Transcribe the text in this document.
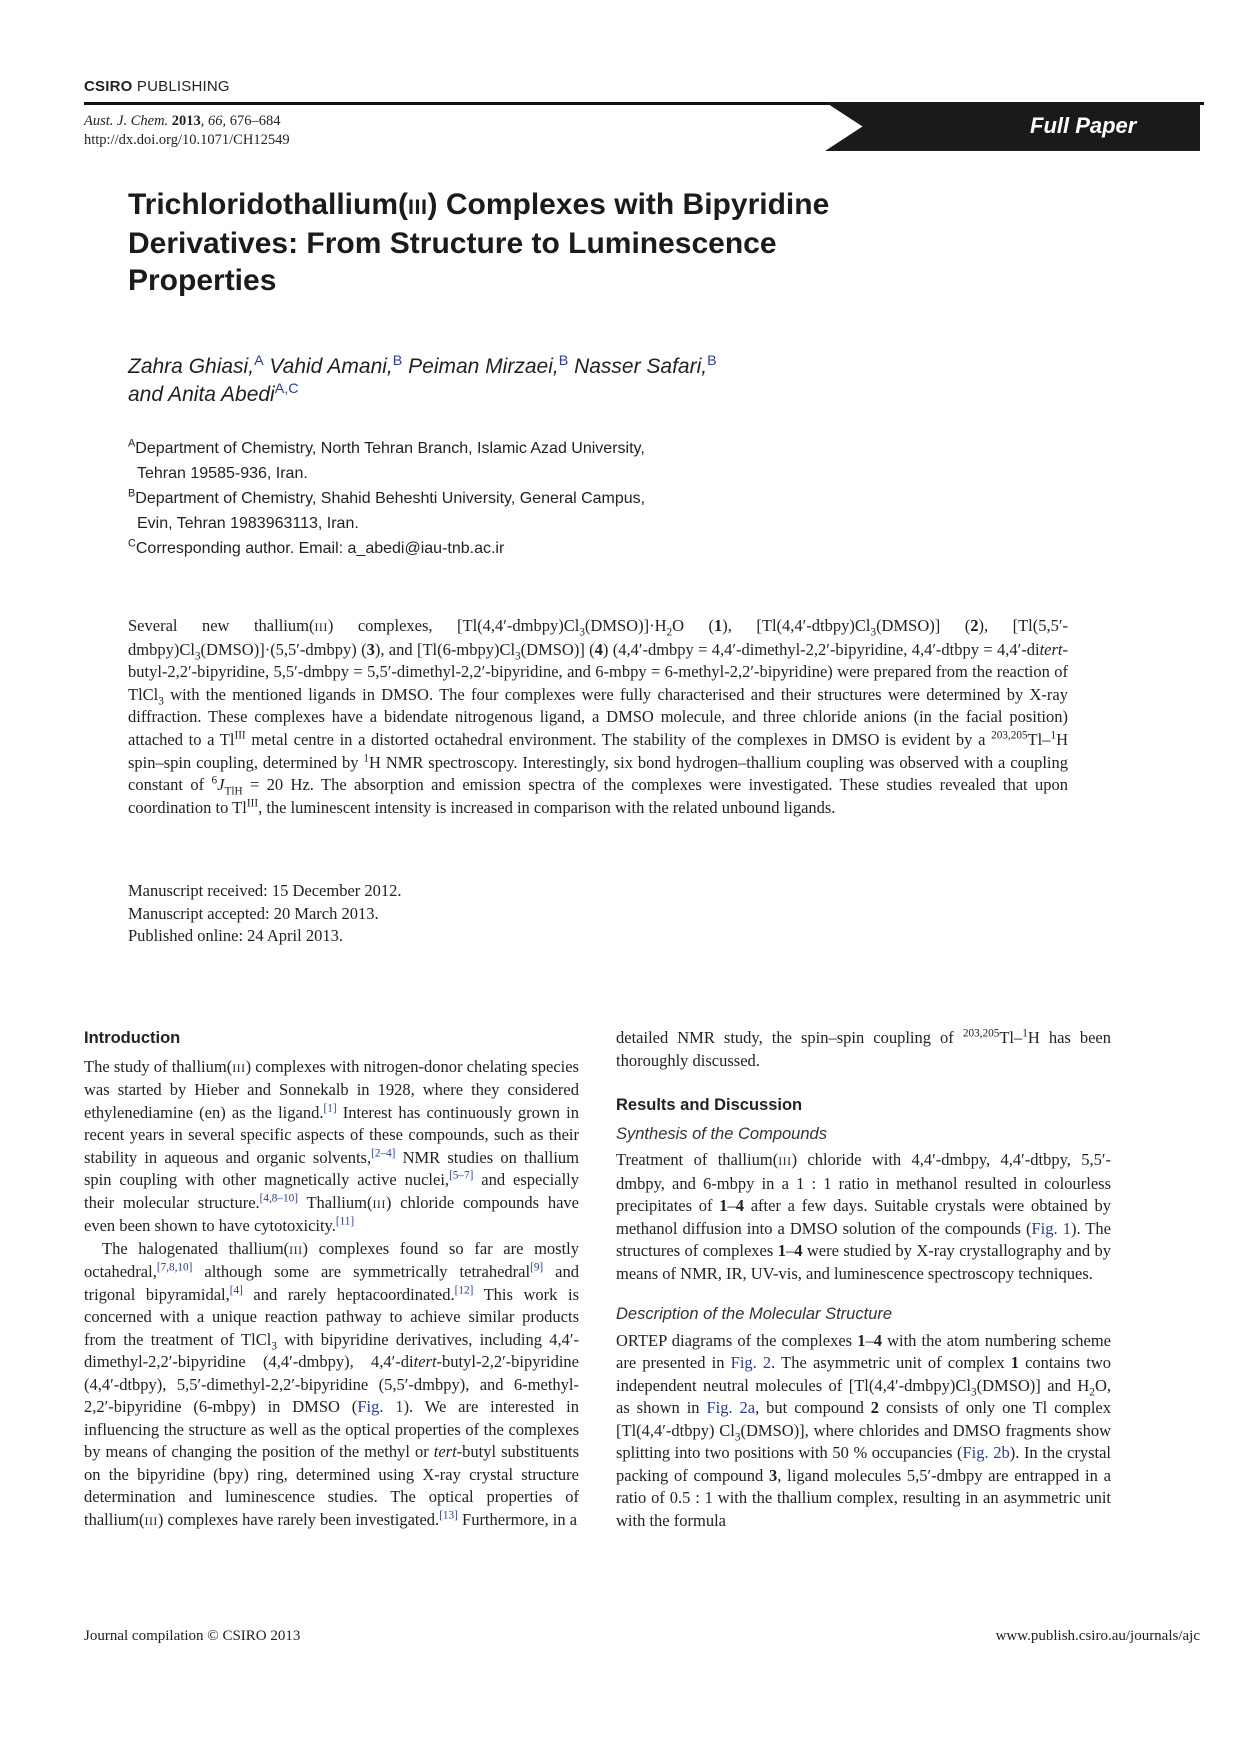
CSIRO PUBLISHING
Aust. J. Chem. 2013, 66, 676–684
http://dx.doi.org/10.1071/CH12549
Full Paper
Trichloridothallium(III) Complexes with Bipyridine Derivatives: From Structure to Luminescence Properties
Zahra Ghiasi,$^A$ Vahid Amani,$^B$ Peiman Mirzaei,$^B$ Nasser Safari,$^B$
and Anita Abedi$^{A,C}$
$^A$Department of Chemistry, North Tehran Branch, Islamic Azad University,
Tehran 19585-936, Iran.
$^B$Department of Chemistry, Shahid Beheshti University, General Campus,
Evin, Tehran 1983963113, Iran.
$^C$Corresponding author. Email: a_abedi@iau-tnb.ac.ir
Several new thallium(III) complexes, $[Tl(4,4'-dmbpy)Cl_3(DMSO)]\cdot H_2O$ (1), $[Tl(4,4'-dtbpy)Cl_3(DMSO)]$ (2), $[Tl(5,5'-dmbpy)Cl_3(DMSO)]\cdot(5,5'-dmbpy)$ (3), and $[Tl(6-mbpy)Cl_3(DMSO)]$ (4) (4,4′-dmbpy = 4,4′-dimethyl-2,2′-bipyridine, 4,4′-dtbpy = 4,4′-ditert-butyl-2,2′-bipyridine, 5,5′-dmbpy = 5,5′-dimethyl-2,2′-bipyridine, and 6-mbpy = 6-methyl-2,2′-bipyridine) were prepared from the reaction of TlCl$_3$ with the mentioned ligands in DMSO. The four complexes were fully characterised and their structures were determined by X-ray diffraction. These complexes have a bidendate nitrogenous ligand, a DMSO molecule, and three chloride anions (in the facial position) attached to a $Tl^{III}$ metal centre in a distorted octahedral environment. The stability of the complexes in DMSO is evident by a $^{203,205}$Tl–$^1$H spin–spin coupling, determined by $^1$H NMR spectroscopy. Interestingly, six bond hydrogen–thallium coupling was observed with a coupling constant of $^6J_{TlH} = 20$ Hz. The absorption and emission spectra of the complexes were investigated. These studies revealed that upon coordination to $Tl^{III}$, the luminescent intensity is increased in comparison with the related unbound ligands.
Manuscript received: 15 December 2012.
Manuscript accepted: 20 March 2013.
Published online: 24 April 2013.
Introduction

The study of thallium(III) complexes with nitrogen-donor chelating species was started by Hieber and Sonnekalb in 1928, where they considered ethylenediamine (en) as the ligand.[1] Interest has continuously grown in recent years in several specific aspects of these compounds, such as their stability in aqueous and organic solvents,[2–4] NMR studies on thallium spin coupling with other magnetically active nuclei,[5–7] and especially their molecular structure.[4,8–10] Thallium(III) chloride compounds have even been shown to have cytotoxicity.[11]

The halogenated thallium(III) complexes found so far are mostly octahedral,[7,8,10] although some are symmetrically tetrahedral[9] and trigonal bipyramidal,[4] and rarely heptacoordinated.[12] This work is concerned with a unique reaction pathway to achieve similar products from the treatment of TlCl$_3$ with bipyridine derivatives, including 4,4′-dimethyl-2,2′-bipyridine (4,4′-dmbpy), 4,4′-ditert-butyl-2,2′-bipyridine (4,4′-dtbpy), 5,5′-dimethyl-2,2′-bipyridine (5,5′-dmbpy), and 6-methyl-2,2′-bipyridine (6-mbpy) in DMSO (Fig. 1). We are interested in influencing the structure as well as the optical properties of the complexes by means of changing the position of the methyl or tert-butyl substituents on the bipyridine (bpy) ring, determined using X-ray crystal structure determination and luminescence studies. The optical properties of thallium(III) complexes have rarely been investigated.[13] Furthermore, in a

detailed NMR study, the spin–spin coupling of $^{203,205}$Tl–$^1$H has been thoroughly discussed.

Results and Discussion
Synthesis of the Compounds

Treatment of thallium(III) chloride with 4,4′-dmbpy, 4,4′-dtbpy, 5,5′-dmbpy, and 6-mbpy in a 1 : 1 ratio in methanol resulted in colourless precipitates of 1–4 after a few days. Suitable crystals were obtained by methanol diffusion into a DMSO solution of the compounds (Fig. 1). The structures of complexes 1–4 were studied by X-ray crystallography and by means of NMR, IR, UV-vis, and luminescence spectroscopy techniques.

Description of the Molecular Structure

ORTEP diagrams of the complexes 1–4 with the atom numbering scheme are presented in Fig. 2. The asymmetric unit of complex 1 contains two independent neutral molecules of $[Tl(4,4'-dmbpy)Cl_3(DMSO)]$ and $H_2O$, as shown in Fig. 2a, but compound 2 consists of only one Tl complex [Tl(4,4′-dtbpy) $Cl_3(DMSO)$], where chlorides and DMSO fragments show splitting into two positions with 50 % occupancies (Fig. 2b). In the crystal packing of compound 3, ligand molecules 5,5′-dmbpy are entrapped in a ratio of 0.5 : 1 with the thallium complex, resulting in an asymmetric unit with the formula

Journal compilation © CSIRO 2013	www.publish.csiro.au/journals/ajc
